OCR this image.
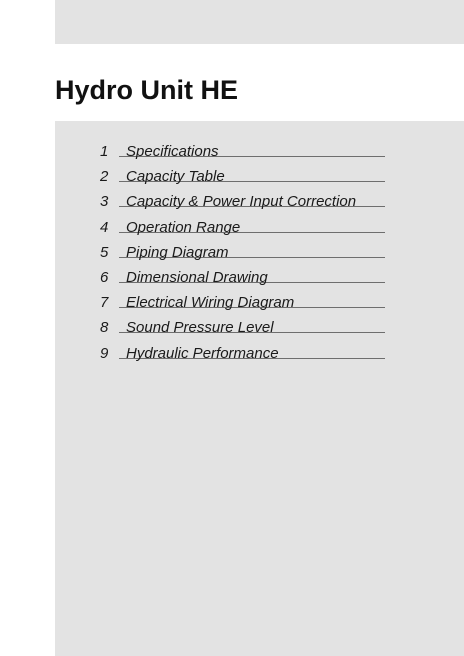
Hydro Unit HE
1	Specifications
2	Capacity Table
3	Capacity & Power Input Correction
4	Operation Range
5	Piping Diagram
6	Dimensional Drawing
7	Electrical Wiring Diagram
8	Sound Pressure Level
9	Hydraulic Performance
